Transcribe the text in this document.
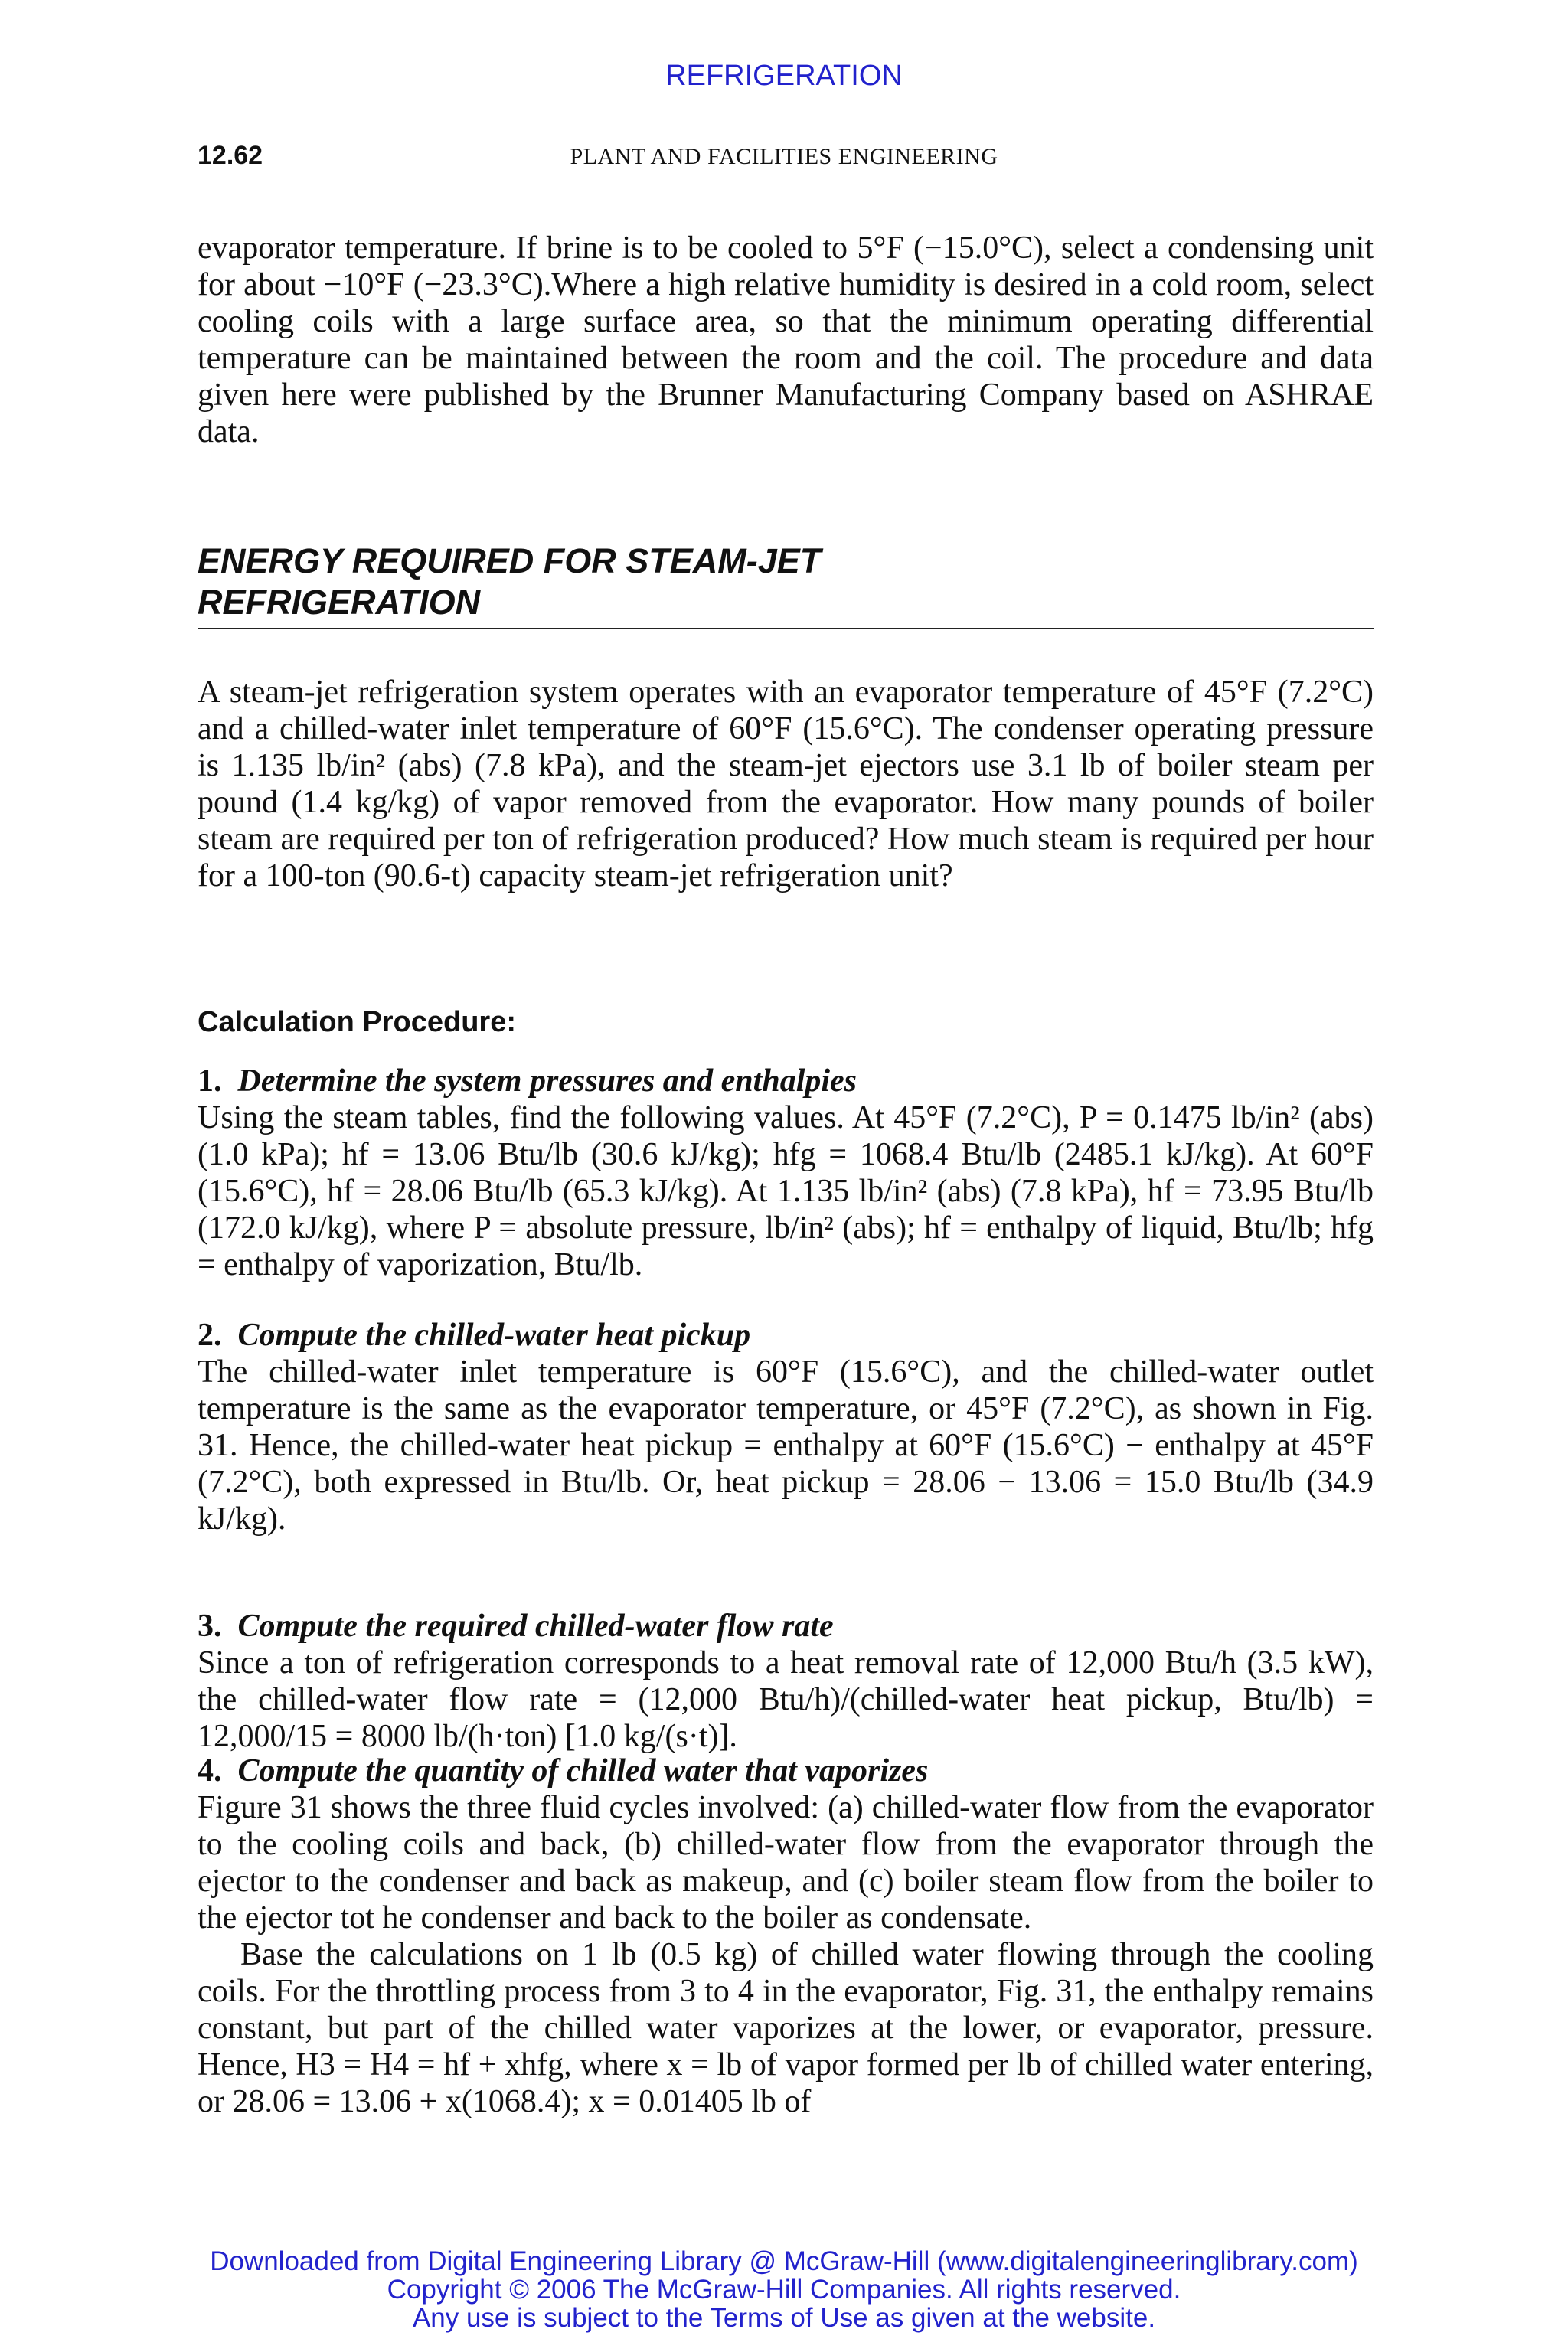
REFRIGERATION
12.62	PLANT AND FACILITIES ENGINEERING

evaporator temperature. If brine is to be cooled to 5°F (−15.0°C), select a condensing unit for about −10°F (−23.3°C).Where a high relative humidity is desired in a cold room, select cooling coils with a large surface area, so that the minimum operating differential temperature can be maintained between the room and the coil. The procedure and data given here were published by the Brunner Manufacturing Company based on ASHRAE data.

ENERGY REQUIRED FOR STEAM-JET
REFRIGERATION

A steam-jet refrigeration system operates with an evaporator temperature of 45°F (7.2°C) and a chilled-water inlet temperature of 60°F (15.6°C). The condenser operating pressure is 1.135 lb/in² (abs) (7.8 kPa), and the steam-jet ejectors use 3.1 lb of boiler steam per pound (1.4 kg/kg) of vapor removed from the evaporator. How many pounds of boiler steam are required per ton of refrigeration produced? How much steam is required per hour for a 100-ton (90.6-t) capacity steam-jet refrigeration unit?

Calculation Procedure:

1. Determine the system pressures and enthalpies

Using the steam tables, find the following values. At 45°F (7.2°C), P = 0.1475 lb/in² (abs) (1.0 kPa); hf = 13.06 Btu/lb (30.6 kJ/kg); hfg = 1068.4 Btu/lb (2485.1 kJ/kg). At 60°F (15.6°C), hf = 28.06 Btu/lb (65.3 kJ/kg). At 1.135 lb/in² (abs) (7.8 kPa), hf = 73.95 Btu/lb (172.0 kJ/kg), where P = absolute pressure, lb/in² (abs); hf = enthalpy of liquid, Btu/lb; hfg = enthalpy of vaporization, Btu/lb.

2. Compute the chilled-water heat pickup

The chilled-water inlet temperature is 60°F (15.6°C), and the chilled-water outlet temperature is the same as the evaporator temperature, or 45°F (7.2°C), as shown in Fig. 31. Hence, the chilled-water heat pickup = enthalpy at 60°F (15.6°C) − enthalpy at 45°F (7.2°C), both expressed in Btu/lb. Or, heat pickup = 28.06 − 13.06 = 15.0 Btu/lb (34.9 kJ/kg).

3. Compute the required chilled-water flow rate

Since a ton of refrigeration corresponds to a heat removal rate of 12,000 Btu/h (3.5 kW), the chilled-water flow rate = (12,000 Btu/h)/(chilled-water heat pickup, Btu/lb) = 12,000/15 = 8000 lb/(h·ton) [1.0 kg/(s·t)].

4. Compute the quantity of chilled water that vaporizes

Figure 31 shows the three fluid cycles involved: (a) chilled-water flow from the evaporator to the cooling coils and back, (b) chilled-water flow from the evaporator through the ejector to the condenser and back as makeup, and (c) boiler steam flow from the boiler to the ejector tot he condenser and back to the boiler as condensate.

Base the calculations on 1 lb (0.5 kg) of chilled water flowing through the cooling coils. For the throttling process from 3 to 4 in the evaporator, Fig. 31, the enthalpy remains constant, but part of the chilled water vaporizes at the lower, or evaporator, pressure. Hence, H3 = H4 = hf + xhfg, where x = lb of vapor formed per lb of chilled water entering, or 28.06 = 13.06 + x(1068.4); x = 0.01405 lb of

Downloaded from Digital Engineering Library @ McGraw-Hill (www.digitalengineeringlibrary.com)

Copyright © 2006 The McGraw-Hill Companies. All rights reserved.

Any use is subject to the Terms of Use as given at the website.
